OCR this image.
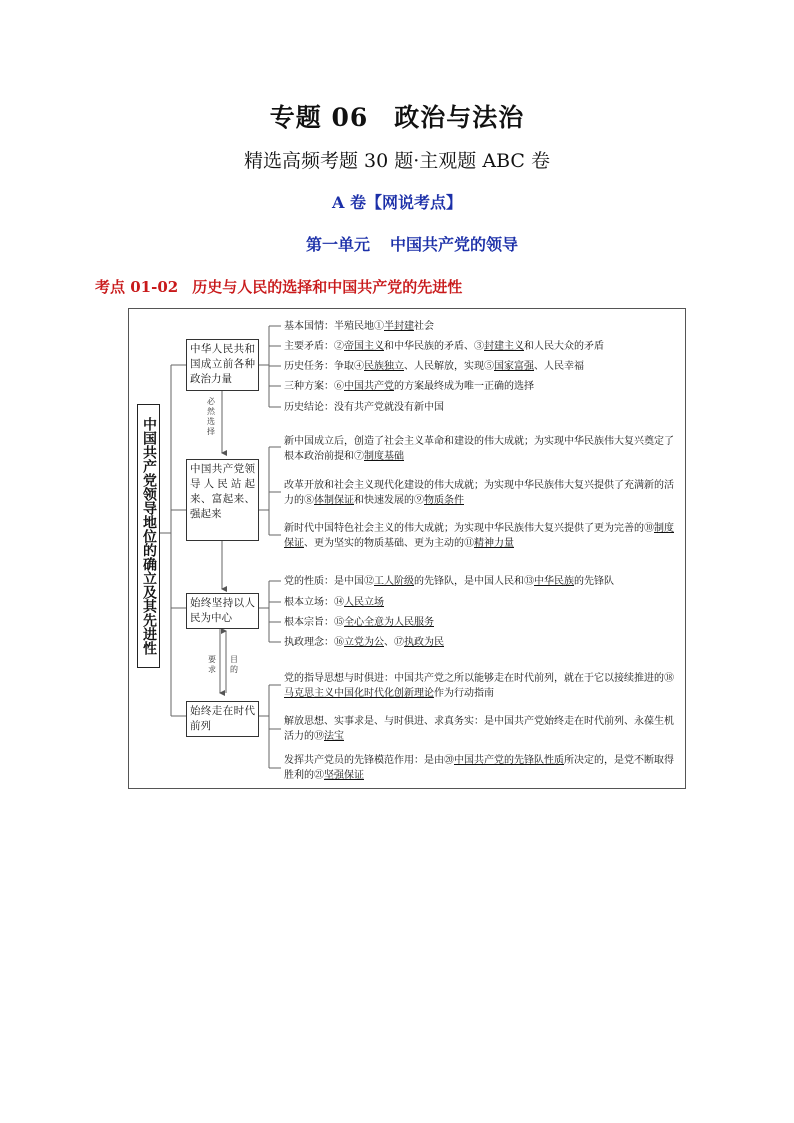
专题 06　政治与法治
精选高频考题 30 题·主观题 ABC 卷
A 卷【网说考点】
第一单元 中国共产党的领导
考点 01-02 历史与人民的选择和中国共产党的先进性
中国共产党领导地位的确立及其先进性
中华人民共和国成立前各种政治力量
中国共产党领导人民站起来、富起来、强起来
始终坚持以人民为中心
始终走在时代前列
必然选择
要求
目的
基本国情：半殖民地①半封建社会
主要矛盾：②帝国主义和中华民族的矛盾、③封建主义和人民大众的矛盾
历史任务：争取④民族独立、人民解放，实现⑤国家富强、人民幸福
三种方案：⑥中国共产党的方案最终成为唯一正确的选择
历史结论：没有共产党就没有新中国
新中国成立后，创造了社会主义革命和建设的伟大成就；为实现中华民族伟大复兴奠定了根本政治前提和⑦制度基础
改革开放和社会主义现代化建设的伟大成就；为实现中华民族伟大复兴提供了充满新的活力的⑧体制保证和快速发展的⑨物质条件
新时代中国特色社会主义的伟大成就；为实现中华民族伟大复兴提供了更为完善的⑩制度保证、更为坚实的物质基础、更为主动的⑪精神力量
党的性质：是中国⑫工人阶级的先锋队，是中国人民和⑬中华民族的先锋队
根本立场：⑭人民立场
根本宗旨：⑮全心全意为人民服务
执政理念：⑯立党为公、⑰执政为民
党的指导思想与时俱进：中国共产党之所以能够走在时代前列，就在于它以接续推进的⑱马克思主义中国化时代化创新理论作为行动指南
解放思想、实事求是、与时俱进、求真务实：是中国共产党始终走在时代前列、永葆生机活力的⑲法宝
发挥共产党员的先锋模范作用：是由⑳中国共产党的先锋队性质所决定的，是党不断取得胜利的㉑坚强保证
